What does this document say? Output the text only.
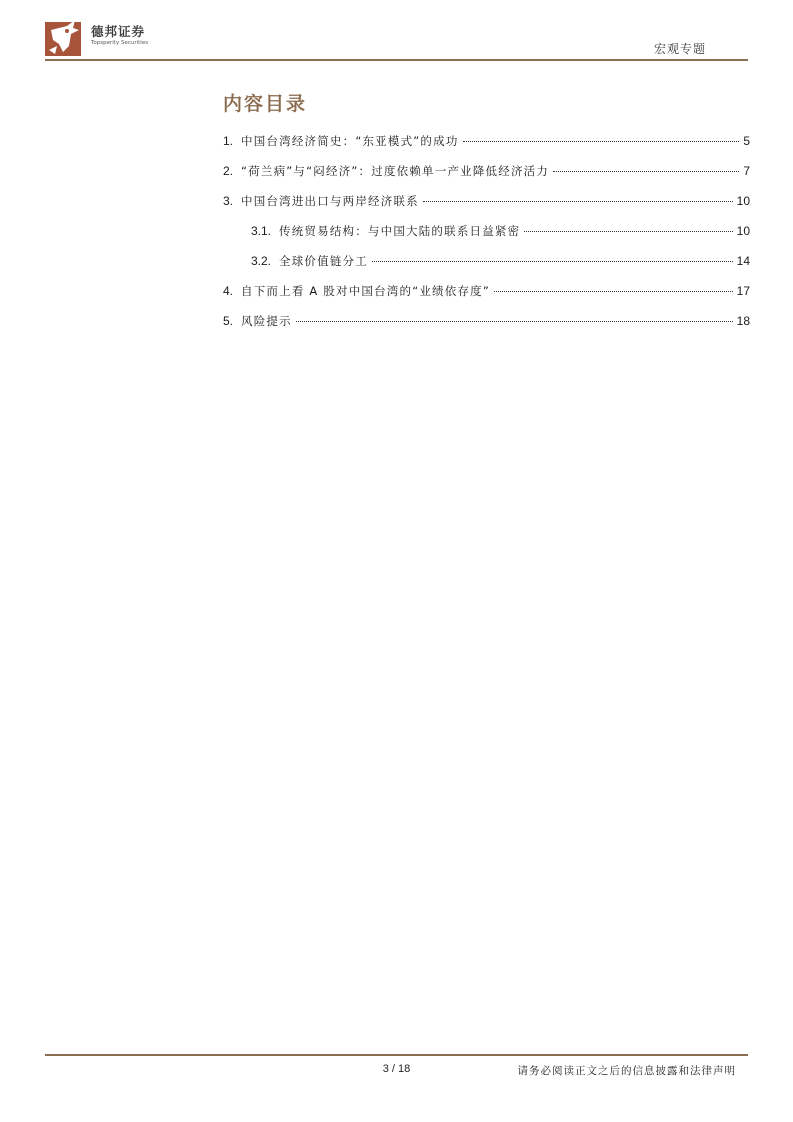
德邦证券
Topsperity Securities	宏观专题
内容目录
1. 中国台湾经济简史：“东亚模式”的成功	5
2. “荷兰病”与“闷经济”：过度依赖单一产业降低经济活力	7
3. 中国台湾进出口与两岸经济联系	10
3.1. 传统贸易结构：与中国大陆的联系日益紧密	10
3.2. 全球价值链分工	14
4. 自下而上看 A 股对中国台湾的“业绩依存度”	17
5. 风险提示	18
3 / 18	请务必阅读正文之后的信息披露和法律声明
